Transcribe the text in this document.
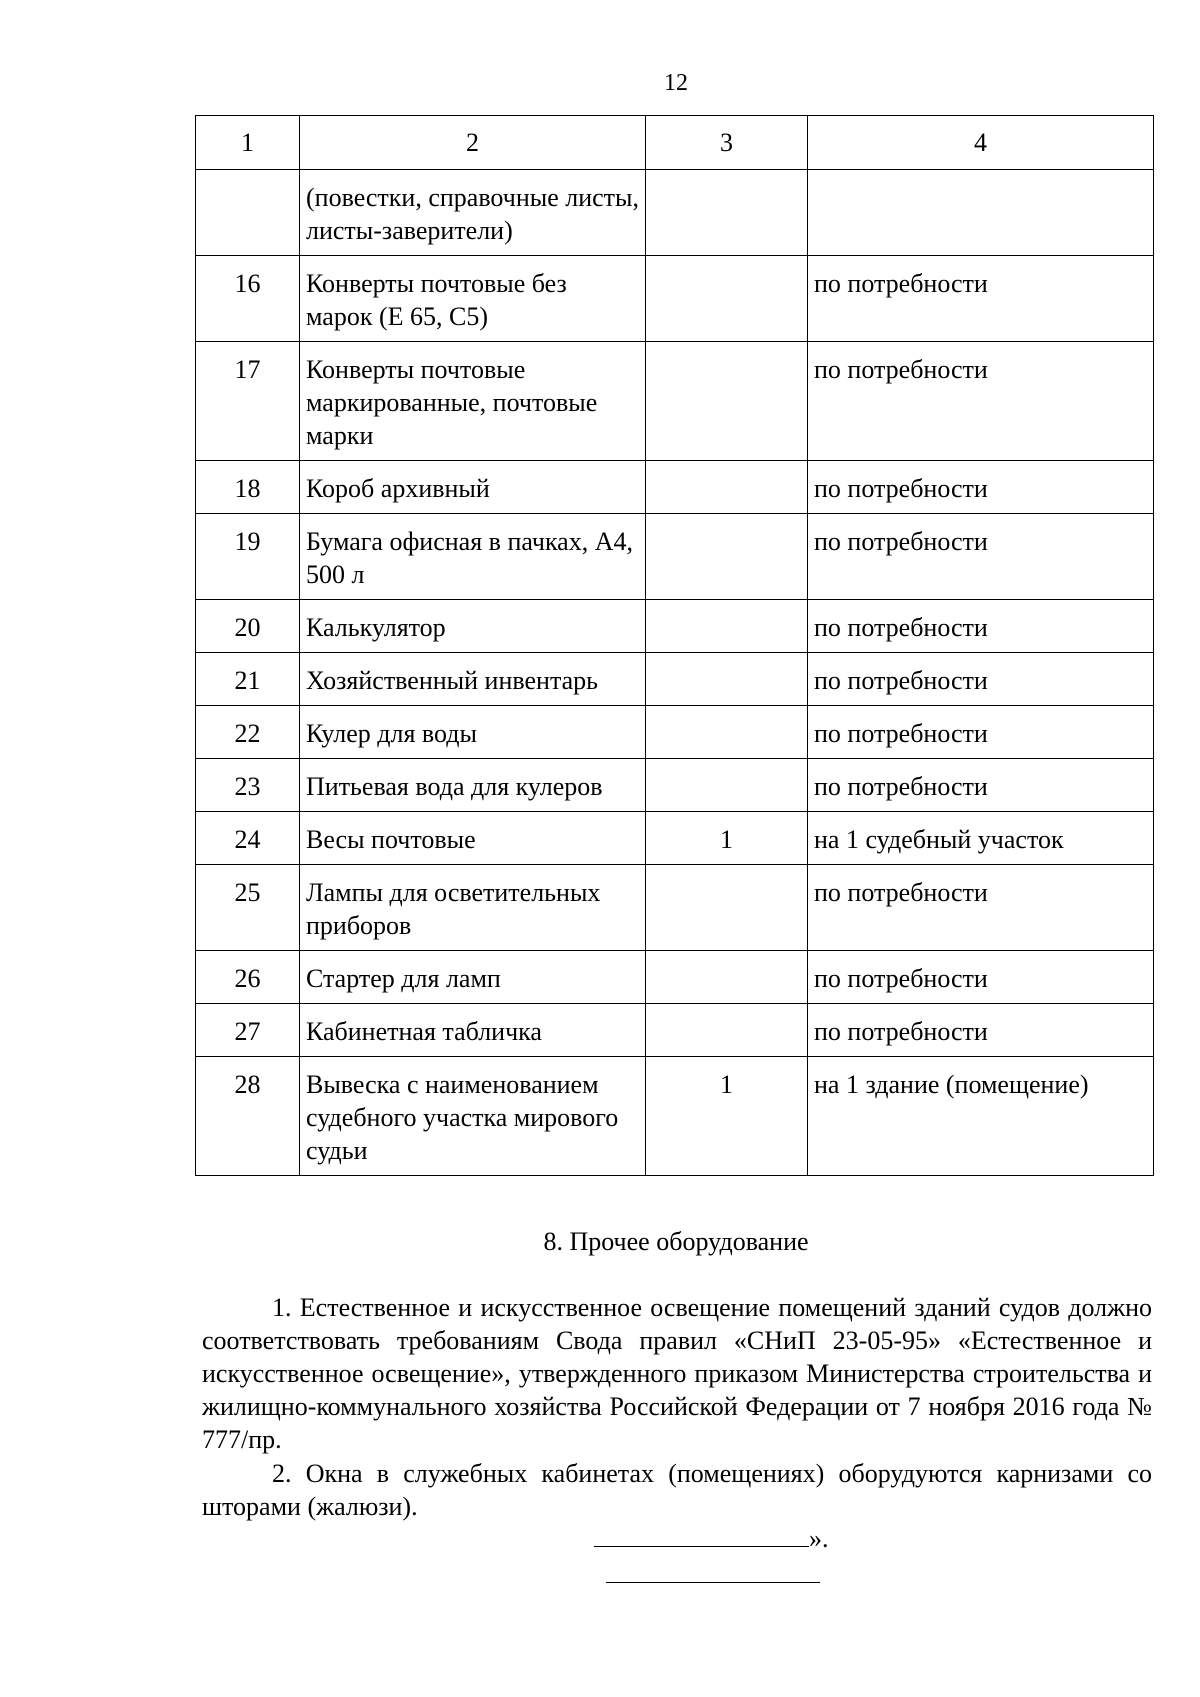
12
1	2	3	4
	(повестки, справочные листы, листы-заверители)		
16	Конверты почтовые без марок (Е 65, С5)		по потребности
17	Конверты почтовые маркированные, почтовые марки		по потребности
18	Короб архивный		по потребности
19	Бумага офисная в пачках, А4, 500 л		по потребности
20	Калькулятор		по потребности
21	Хозяйственный инвентарь		по потребности
22	Кулер для воды		по потребности
23	Питьевая вода для кулеров		по потребности
24	Весы почтовые	1	на 1 судебный участок
25	Лампы для осветительных приборов		по потребности
26	Стартер для ламп		по потребности
27	Кабинетная табличка		по потребности
28	Вывеска с наименованием судебного участка мирового судьи	1	на 1 здание (помещение)
8. Прочее оборудование
1. Естественное и искусственное освещение помещений зданий судов должно соответствовать требованиям Свода правил «СНиП 23-05-95» «Естественное и искусственное освещение», утвержденного приказом Министерства строительства и жилищно-коммунального хозяйства Российской Федерации от 7 ноября 2016 года № 777/пр.
2. Окна в служебных кабинетах (помещениях) оборудуются карнизами со шторами (жалюзи).
».
